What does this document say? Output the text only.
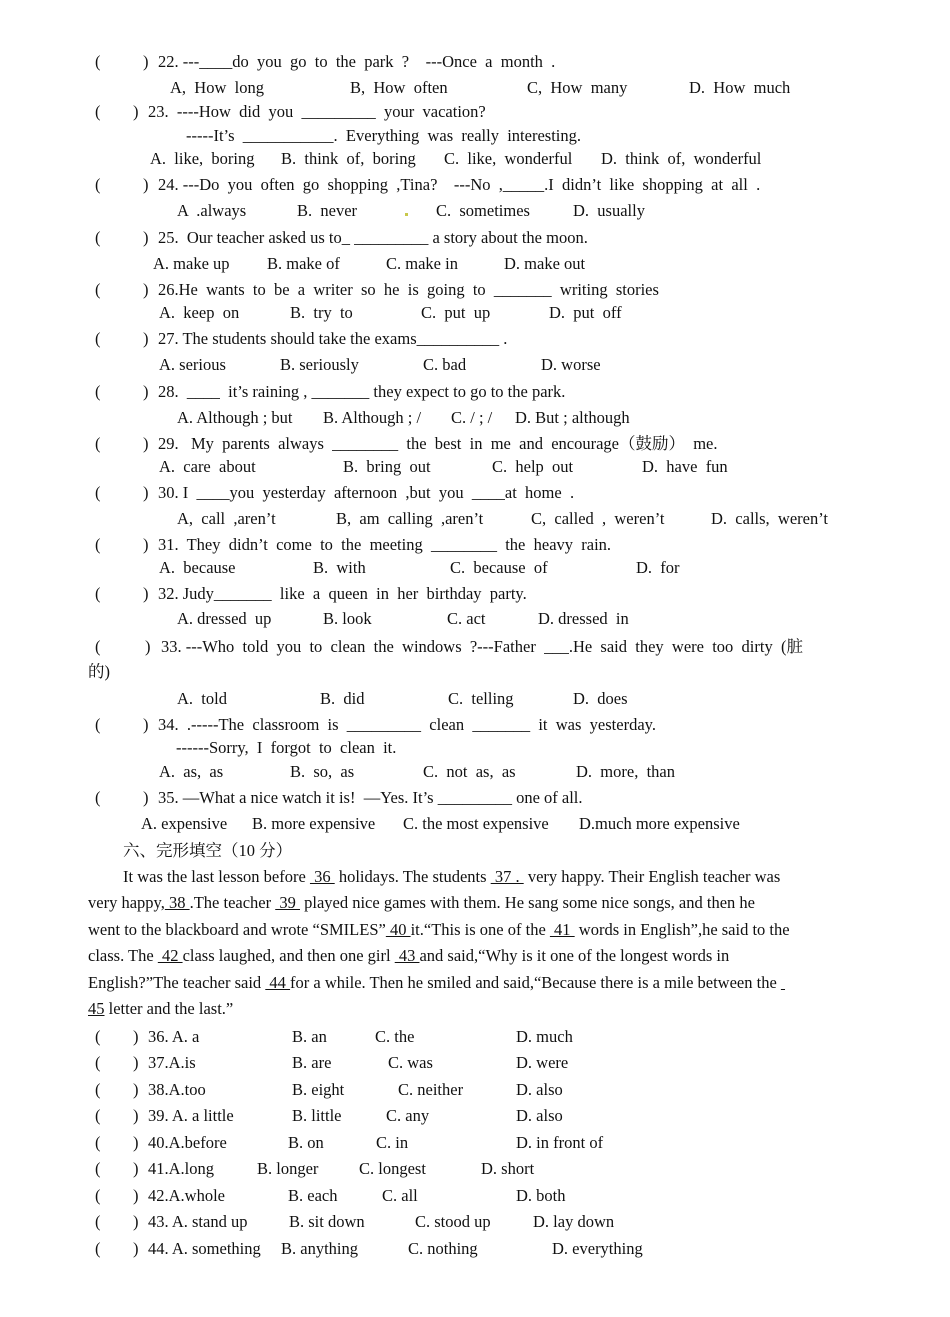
(	) 22. ---____do  you  go  to  the  park  ?    ---Once  a  month  .
A,  How  long	B,  How  often	C,  How  many	D.  How  much
( ) 23.  ----How  did  you  _________  your  vacation?
-----It’s  ___________.  Everything  was  really  interesting.
A.  like,  boring B.  think  of,  boring C.  like,  wonderful D.  think  of,  wonderful
(	) 24. ---Do  you  often  go  shopping  ,Tina?    ---No  ,_____.I  didn’t  like  shopping  at  all  .
A  .always	B.  never	C.  sometimes	D.  usually
(	) 25.  Our teacher asked us to_ _________ a story about the moon.
A. make up B. make of	C. make in	D. make out
(	) 26.He  wants  to  be  a  writer  so  he  is  going  to  _______  writing  stories
A.  keep  on	B.  try  to	C.  put  up	D.  put  off
(	) 27. The students should take the exams__________ .
A. serious	B. seriously	C. bad	D. worse
(	) 28.  ____  it’s raining , _______ they expect to go to the park.
A. Although ; but B. Although ; / C. / ; / D. But ; although
(	) 29.   My  parents  always  ________  the  best  in  me  and  encourage（鼓励）  me.
A.  care  about	B.  bring  out	C.  help  out	D.  have  fun
(	) 30. I  ____you  yesterday  afternoon  ,but  you  ____at  home  .
A,  call  ,aren’t	B,  am  calling  ,aren’t	C,  called  ,  weren’t	D.  calls,  weren’t
(	) 31.  They  didn’t  come  to  the  meeting  ________  the  heavy  rain.
A.  because	B.  with	C.  because  of	D.  for
(	) 32. Judy_______  like  a  queen  in  her  birthday  party.
A. dressed  up	B. look	C. act	D. dressed  in
(	) 33. ---Who  told  you  to  clean  the  windows  ?---Father  ___.He  said  they  were  too  dirty  (脏
的)
A.  told	B.  did	C.  telling	D.  does
(	) 34.  .-----The  classroom  is  _________  clean  _______  it  was  yesterday.
------Sorry,  I  forgot  to  clean  it.
A.  as,  as	B.  so,  as	C.  not  as,  as	D.  more,  than
(	) 35. —What a nice watch it is!  —Yes. It’s _________ one of all.
A. expensive B. more expensive C. the most expensive D.much more expensive
六、完形填空（10 分）
It was the last lesson before  36  holidays. The students  37 .  very happy. Their English teacher was
very happy, 38 .The teacher  39  played nice games with them. He sang some nice songs, and then he
went to the blackboard and wrote “SMILES” 40 it.“This is one of the  41  words in English”,he said to the
class. The  42 class laughed, and then one girl  43 and said,“Why is it one of the longest words in
English?”The teacher said  44 for a while. Then he smiled and said,“Because there is a mile between the
45 letter and the last.”
( ) 36. A. a	B. an	C. the	D. much
( ) 37.A.is	B. are	C. was	D. were
( ) 38.A.too	B. eight	C. neither	D. also
( ) 39. A. a little	B. little	C. any	D. also
( ) 40.A.before	B. on	C. in	D. in front of
( ) 41.A.long	B. longer C. longest	D. short
( ) 42.A.whole	B. each	C. all	D. both
( ) 43. A. stand up	B. sit down	C. stood up	D. lay down
( ) 44. A. something B. anything	C. nothing	D. everything
